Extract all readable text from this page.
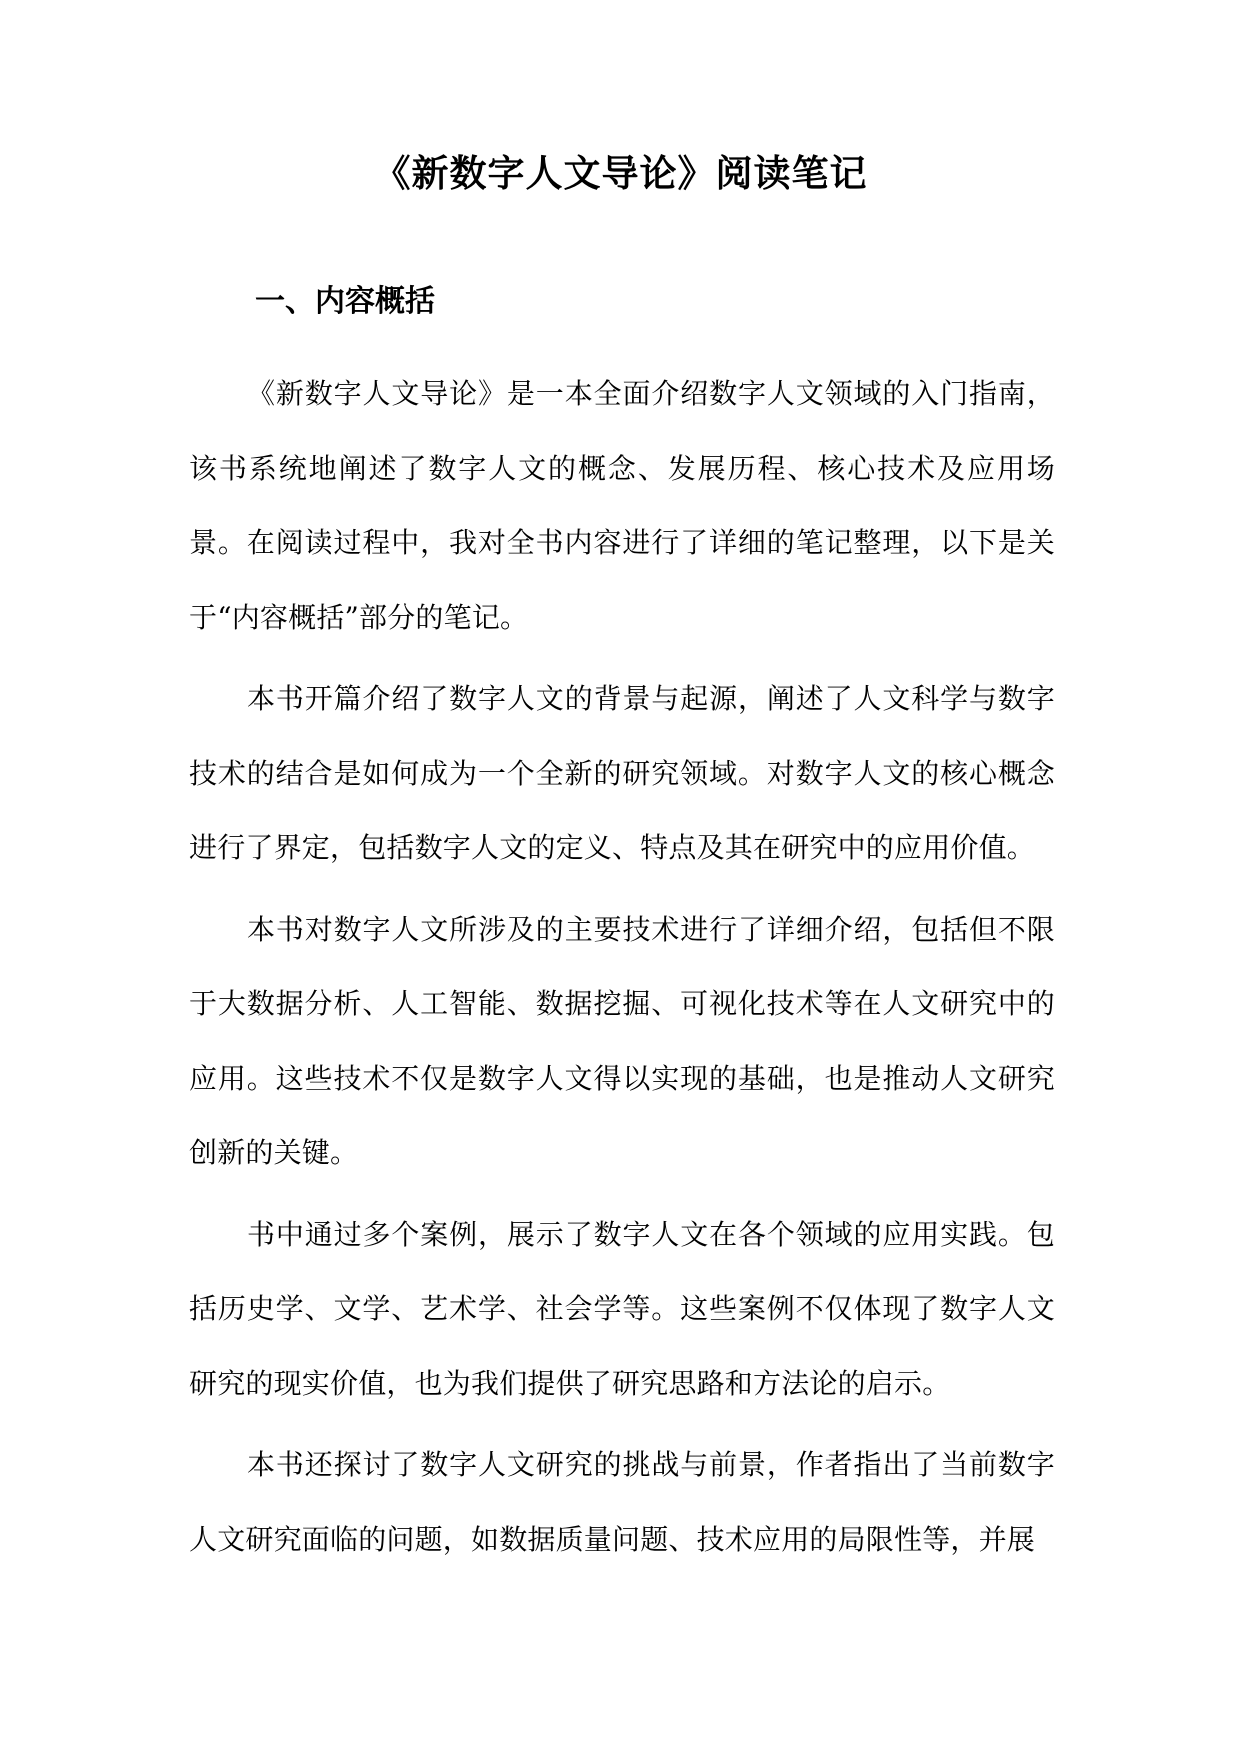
《新数字人文导论》阅读笔记
一、内容概括

《新数字人文导论》是一本全面介绍数字人文领域的入门指南，该书系统地阐述了数字人文的概念、发展历程、核心技术及应用场景。在阅读过程中，我对全书内容进行了详细的笔记整理，以下是关于“内容概括”部分的笔记。

本书开篇介绍了数字人文的背景与起源，阐述了人文科学与数字技术的结合是如何成为一个全新的研究领域。对数字人文的核心概念进行了界定，包括数字人文的定义、特点及其在研究中的应用价值。

本书对数字人文所涉及的主要技术进行了详细介绍，包括但不限于大数据分析、人工智能、数据挖掘、可视化技术等在人文研究中的应用。这些技术不仅是数字人文得以实现的基础，也是推动人文研究创新的关键。

书中通过多个案例，展示了数字人文在各个领域的应用实践。包括历史学、文学、艺术学、社会学等。这些案例不仅体现了数字人文研究的现实价值，也为我们提供了研究思路和方法论的启示。

本书还探讨了数字人文研究的挑战与前景，作者指出了当前数字人文研究面临的问题，如数据质量问题、技术应用的局限性等，并展
